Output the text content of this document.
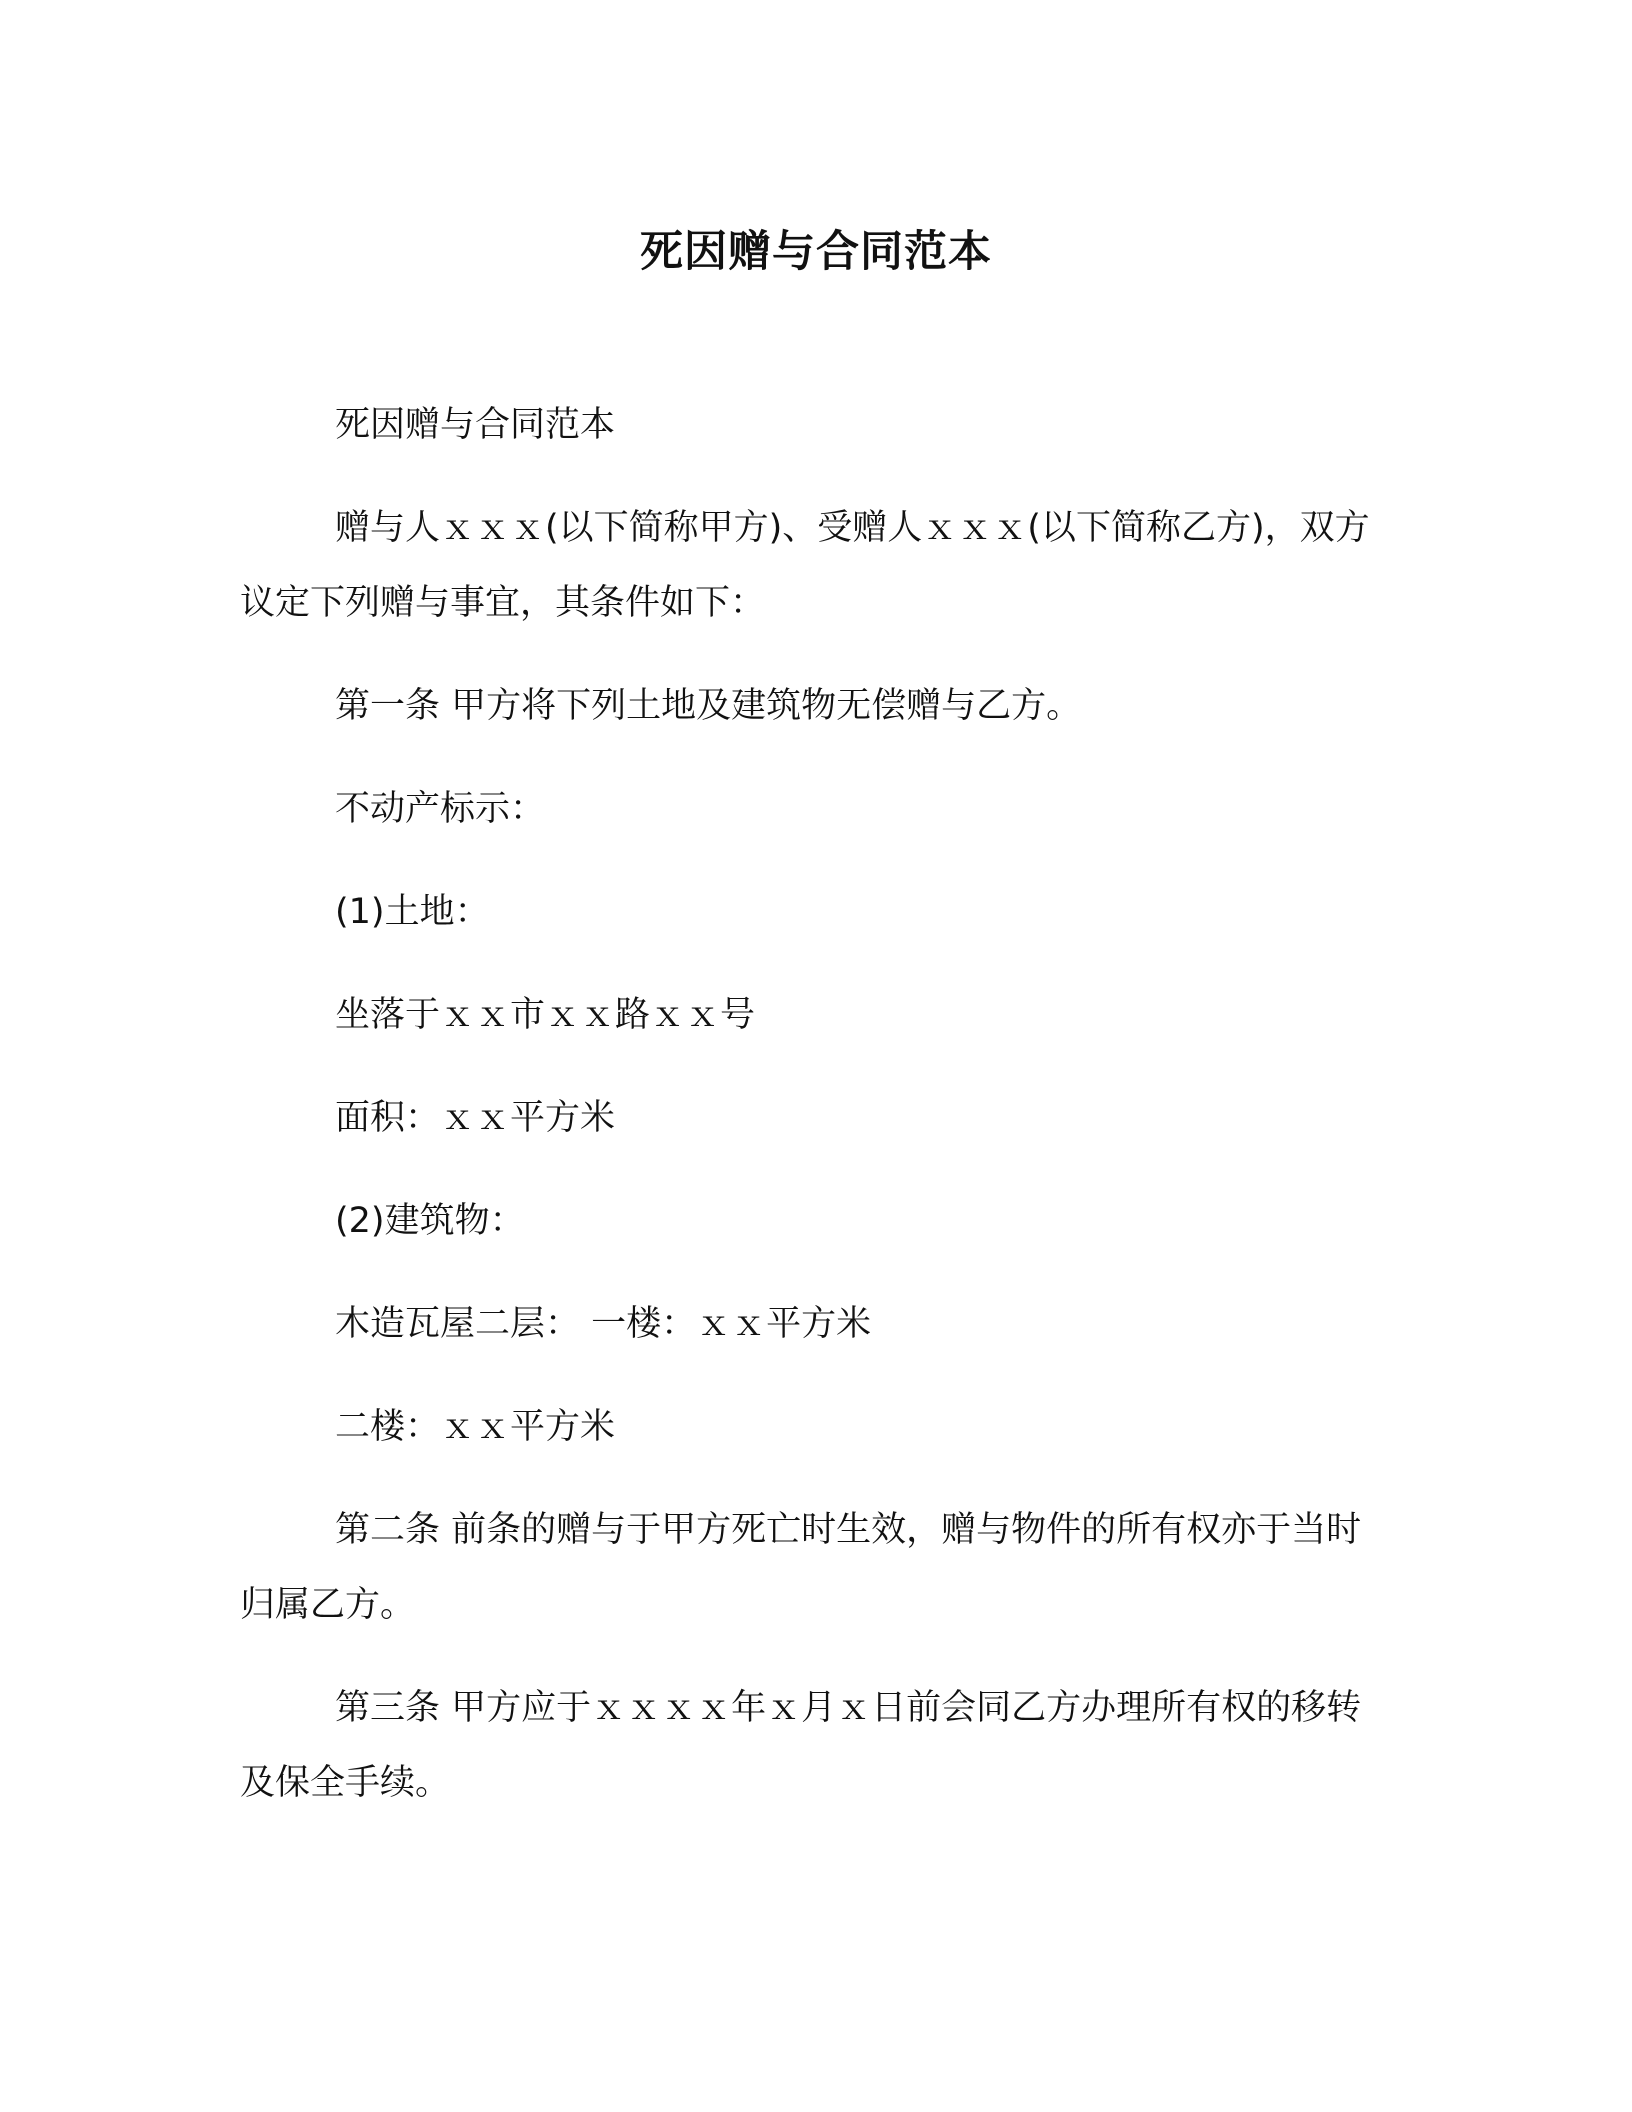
死因赠与合同范本

死因赠与合同范本

赠与人ｘｘｘ(以下简称甲方)、受赠人ｘｘｘ(以下简称乙方)，双方议定下列赠与事宜，其条件如下：

第一条 甲方将下列土地及建筑物无偿赠与乙方。

不动产标示：

(1)土地：

坐落于ｘｘ市ｘｘ路ｘｘ号

面积：ｘｘ平方米

(2)建筑物：

木造瓦屋二层： 一楼：ｘｘ平方米

二楼：ｘｘ平方米

第二条 前条的赠与于甲方死亡时生效，赠与物件的所有权亦于当时归属乙方。

第三条 甲方应于ｘｘｘｘ年ｘ月ｘ日前会同乙方办理所有权的移转及保全手续。
